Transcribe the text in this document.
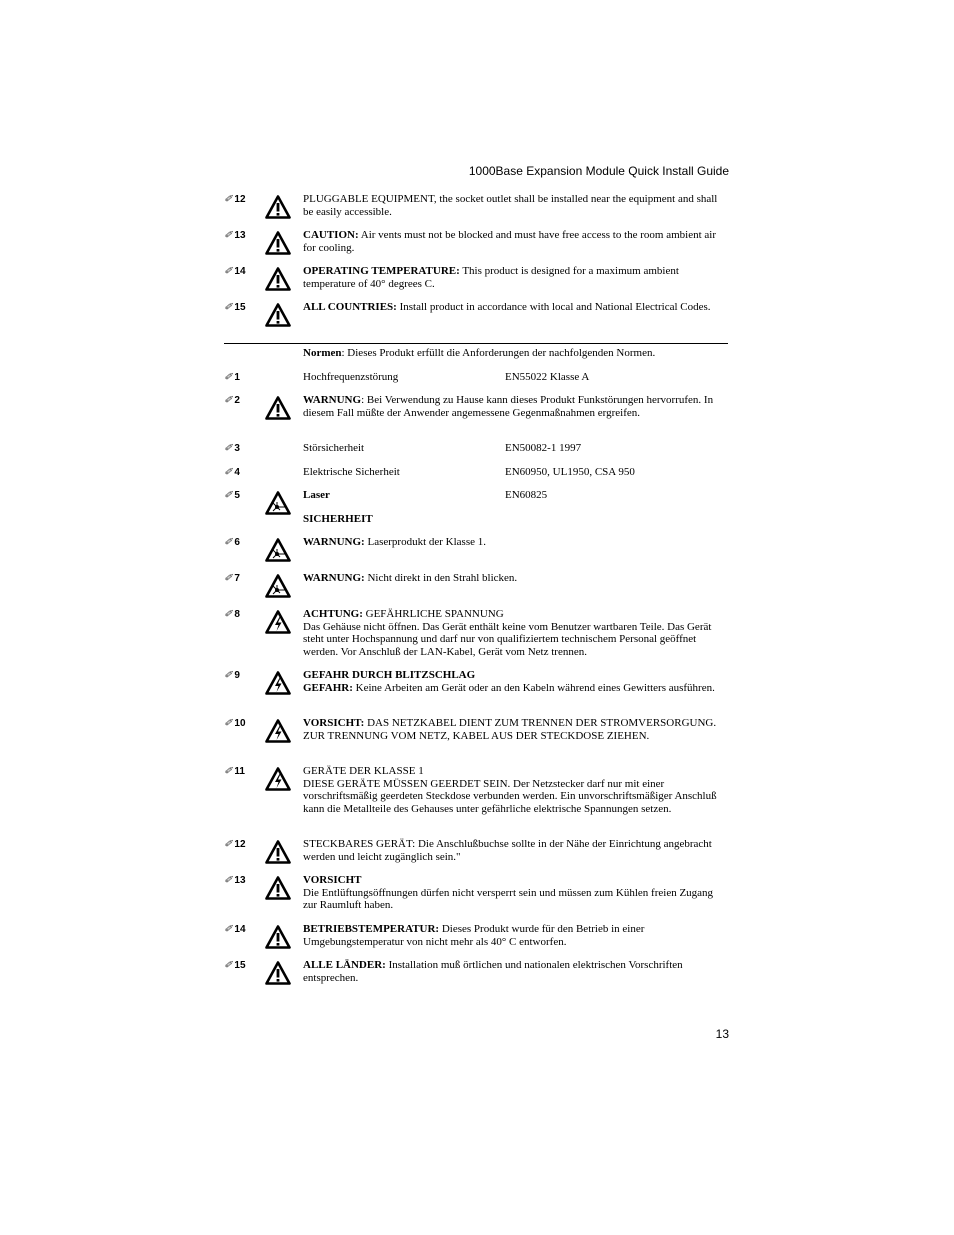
1000Base Expansion Module Quick Install Guide
✐ 12	PLUGGABLE EQUIPMENT, the socket outlet shall be installed near the equipment and shall be easily accessible.
✐ 13	CAUTION: Air vents must not be blocked and must have free access to the room ambient air for cooling.
✐ 14	OPERATING TEMPERATURE: This product is designed for a maximum ambient temperature of 40° degrees C.
✐ 15	ALL COUNTRIES: Install product in accordance with local and National Electrical Codes.
Normen: Dieses Produkt erfüllt die Anforderungen der nachfolgenden Normen.
✐ 1	Hochfrequenzstörung	EN55022 Klasse A
✐ 2	WARNUNG: Bei Verwendung zu Hause kann dieses Produkt Funkstörungen hervorrufen. In diesem Fall müßte der Anwender angemessene Gegenmaßnahmen ergreifen.
✐ 3	Störsicherheit	EN50082-1 1997
✐ 4	Elektrische Sicherheit	EN60950, UL1950, CSA 950
✐ 5	Laser	EN60825
SICHERHEIT
✐ 6	WARNUNG: Laserprodukt der Klasse 1.
✐ 7	WARNUNG: Nicht direkt in den Strahl blicken.
✐ 8	ACHTUNG: GEFÄHRLICHE SPANNUNG
Das Gehäuse nicht öffnen. Das Gerät enthält keine vom Benutzer wartbaren Teile. Das Gerät steht unter Hochspannung und darf nur von qualifiziertem technischem Personal geöffnet werden. Vor Anschluß der LAN-Kabel, Gerät vom Netz trennen.
✐ 9	GEFAHR DURCH BLITZSCHLAG
GEFAHR: Keine Arbeiten am Gerät oder an den Kabeln während eines Gewitters ausführen.
✐ 10	VORSICHT: DAS NETZKABEL DIENT ZUM TRENNEN DER STROMVERSORGUNG. ZUR TRENNUNG VOM NETZ, KABEL AUS DER STECKDOSE ZIEHEN.
✐ 11	GERÄTE DER KLASSE 1
DIESE GERÄTE MÜSSEN GEERDET SEIN. Der Netzstecker darf nur mit einer vorschriftsmäßig geerdeten Steckdose verbunden werden. Ein unvorschriftsmäßiger Anschluß kann die Metallteile des Gehauses unter gefährliche elektrische Spannungen setzen.
✐ 12	STECKBARES GERÄT: Die Anschlußbuchse sollte in der Nähe der Einrichtung angebracht werden und leicht zugänglich sein."
✐ 13	VORSICHT
Die Entlüftungsöffnungen dürfen nicht versperrt sein und müssen zum Kühlen freien Zugang zur Raumluft haben.
✐ 14	BETRIEBSTEMPERATUR: Dieses Produkt wurde für den Betrieb in einer Umgebungstemperatur von nicht mehr als 40° C entworfen.
✐ 15	ALLE LÄNDER: Installation muß örtlichen und nationalen elektrischen Vorschriften entsprechen.
13
